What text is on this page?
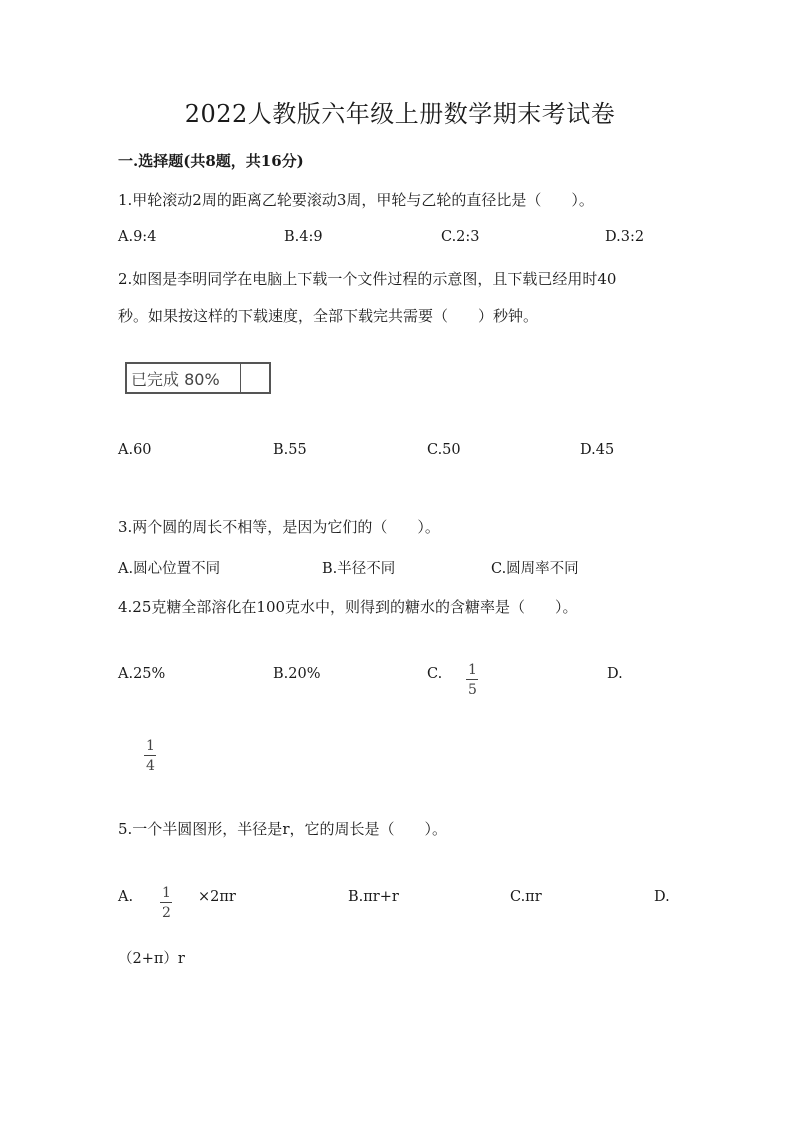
2022人教版六年级上册数学期末考试卷
一.选择题(共8题，共16分)
1.甲轮滚动2周的距离乙轮要滚动3周，甲轮与乙轮的直径比是（　　）。
A.9:4	B.4:9	C.2:3	D.3:2
2.如图是李明同学在电脑上下载一个文件过程的示意图，且下载已经用时40
秒。如果按这样的下载速度，全部下载完共需要（　　）秒钟。
已完成 80%
A.60	B.55	C.50	D.45
3.两个圆的周长不相等，是因为它们的（　　）。
A.圆心位置不同	B.半径不同	C.圆周率不同
4.25克糖全部溶化在100克水中，则得到的糖水的含糖率是（　　）。
A.25%	B.20%	C. $\frac{1}{5}$	D.
$\frac{1}{4}$
5.一个半圆图形，半径是r，它的周长是（　　）。
A. $\frac{1}{2} \times 2\pi r$	B.πr+r	C.πr	D.
（2+π）r
